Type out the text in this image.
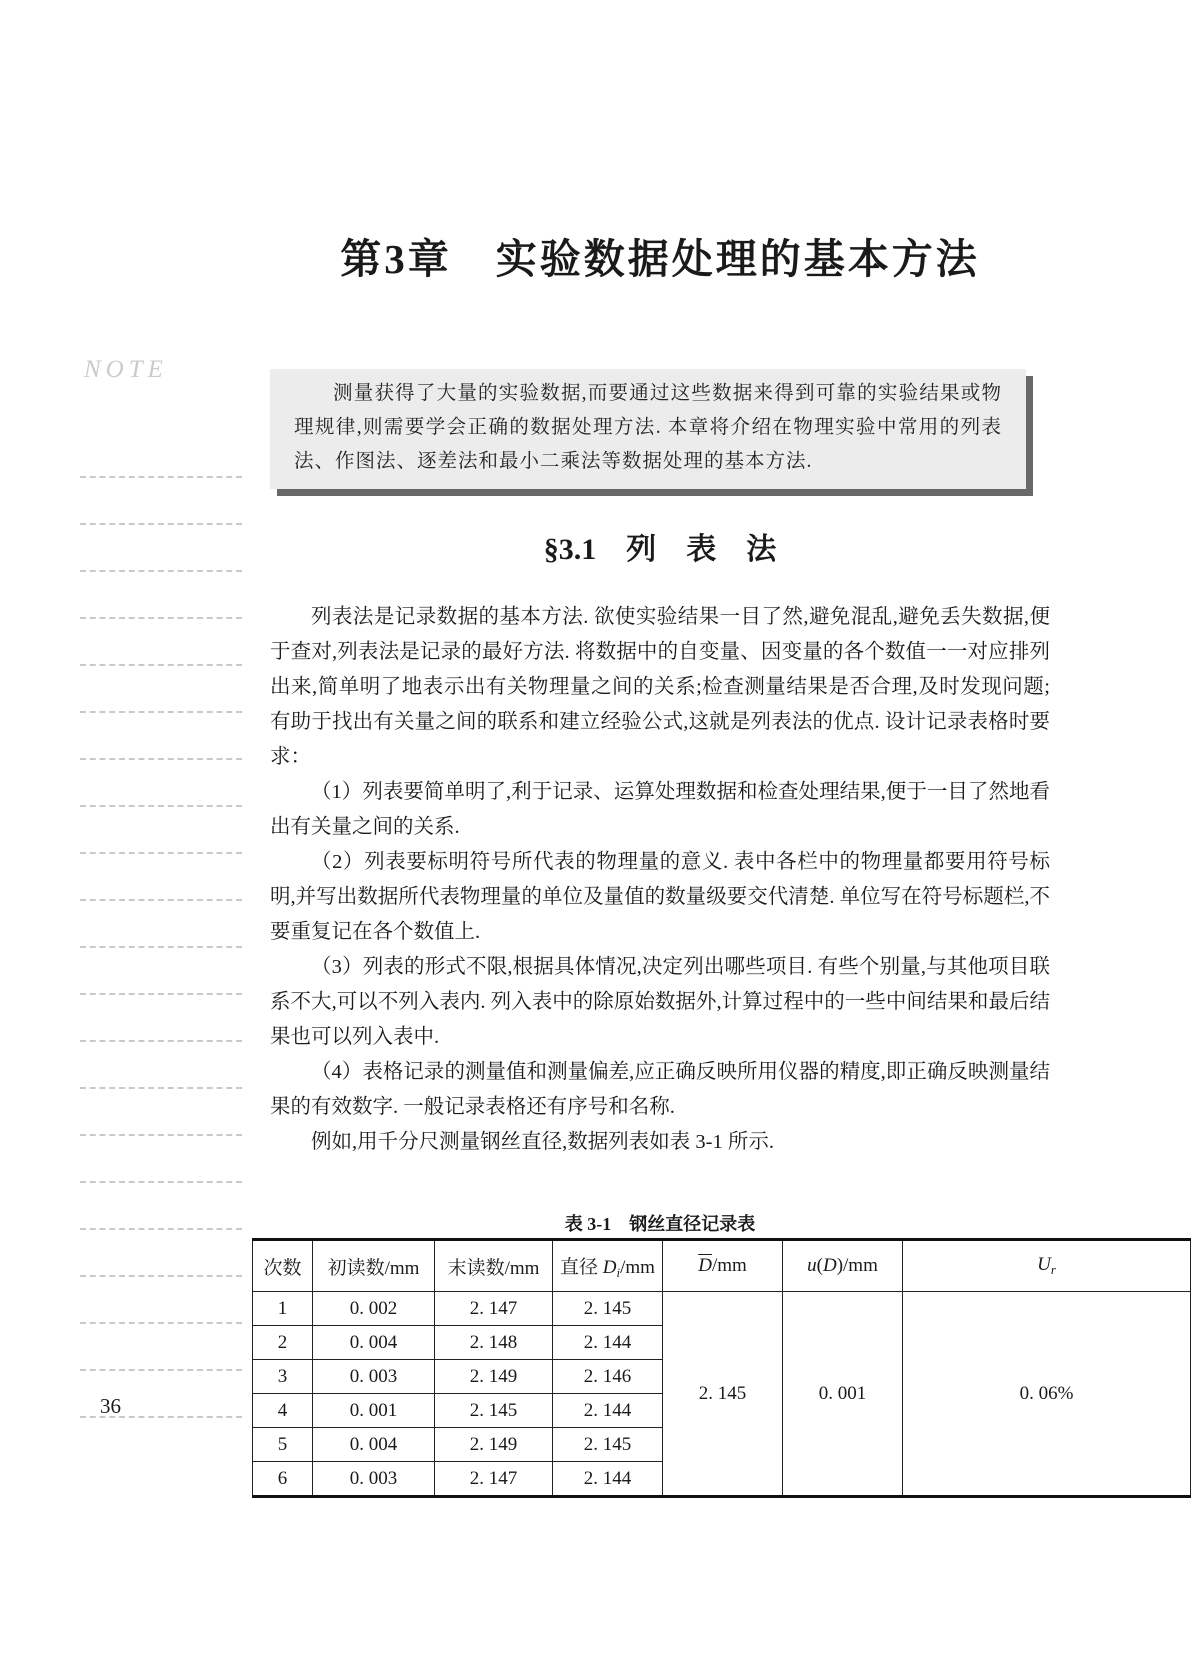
第3章　实验数据处理的基本方法
NOTE

测量获得了大量的实验数据,而要通过这些数据来得到可靠的实验结果或物理规律,则需要学会正确的数据处理方法. 本章将介绍在物理实验中常用的列表法、作图法、逐差法和最小二乘法等数据处理的基本方法.

§3.1　列　表　法

列表法是记录数据的基本方法. 欲使实验结果一目了然,避免混乱,避免丢失数据,便于查对,列表法是记录的最好方法. 将数据中的自变量、因变量的各个数值一一对应排列出来,简单明了地表示出有关物理量之间的关系;检查测量结果是否合理,及时发现问题;有助于找出有关量之间的联系和建立经验公式,这就是列表法的优点. 设计记录表格时要求：

（1）列表要简单明了,利于记录、运算处理数据和检查处理结果,便于一目了然地看出有关量之间的关系.

（2）列表要标明符号所代表的物理量的意义. 表中各栏中的物理量都要用符号标明,并写出数据所代表物理量的单位及量值的数量级要交代清楚. 单位写在符号标题栏,不要重复记在各个数值上.

（3）列表的形式不限,根据具体情况,决定列出哪些项目. 有些个别量,与其他项目联系不大,可以不列入表内. 列入表中的除原始数据外,计算过程中的一些中间结果和最后结果也可以列入表中.

（4）表格记录的测量值和测量偏差,应正确反映所用仪器的精度,即正确反映测量结果的有效数字. 一般记录表格还有序号和名称.

例如,用千分尺测量钢丝直径,数据列表如表 3-1 所示.

表 3-1　钢丝直径记录表
次数	初读数/mm	末读数/mm	直径 $D_i/mm$	$\overline{D}/mm$	u(D)/mm	$U_r$
1	0. 002	2. 147	2. 145	2. 145	0. 001	0. 06%
2	0. 004	2. 148	2. 144			
3	0. 003	2. 149	2. 146			
4	0. 001	2. 145	2. 144			
5	0. 004	2. 149	2. 145			
6	0. 003	2. 147	2. 144			
36
